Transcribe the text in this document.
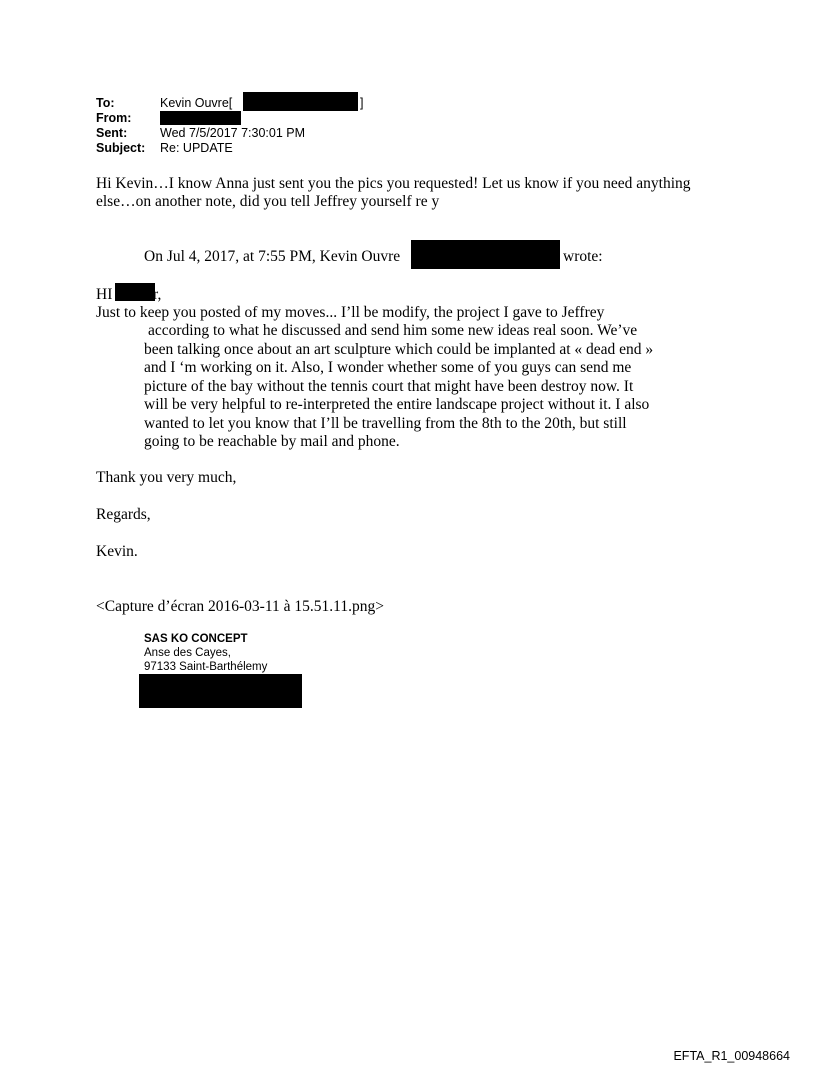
To:	Kevin Ouvre[	]
From:
Sent:	Wed 7/5/2017 7:30:01 PM
Subject: Re: UPDATE
Hi Kevin…I know Anna just sent you the pics you requested! Let us know if you need anything
else…on another note, did you tell Jeffrey yourself re y
On Jul 4, 2017, at 7:55 PM, Kevin Ouvre	wrote:
HI	r,
Just to keep you posted of my moves... I’ll be modify, the project I gave to Jeffrey
according to what he discussed and send him some new ideas real soon. We’ve
been talking once about an art sculpture which could be implanted at « dead end »
and I ‘m working on it. Also, I wonder whether some of you guys can send me
picture of the bay without the tennis court that might have been destroy now. It
will be very helpful to re-interpreted the entire landscape project without it. I also
wanted to let you know that I’ll be travelling from the 8th to the 20th, but still
going to be reachable by mail and phone.
Thank you very much,
Regards,
Kevin.
<Capture d’écran 2016-03-11 à 15.51.11.png>
SAS KO CONCEPT
Anse des Cayes,
97133 Saint-Barthélemy
EFTA_R1_00948664
